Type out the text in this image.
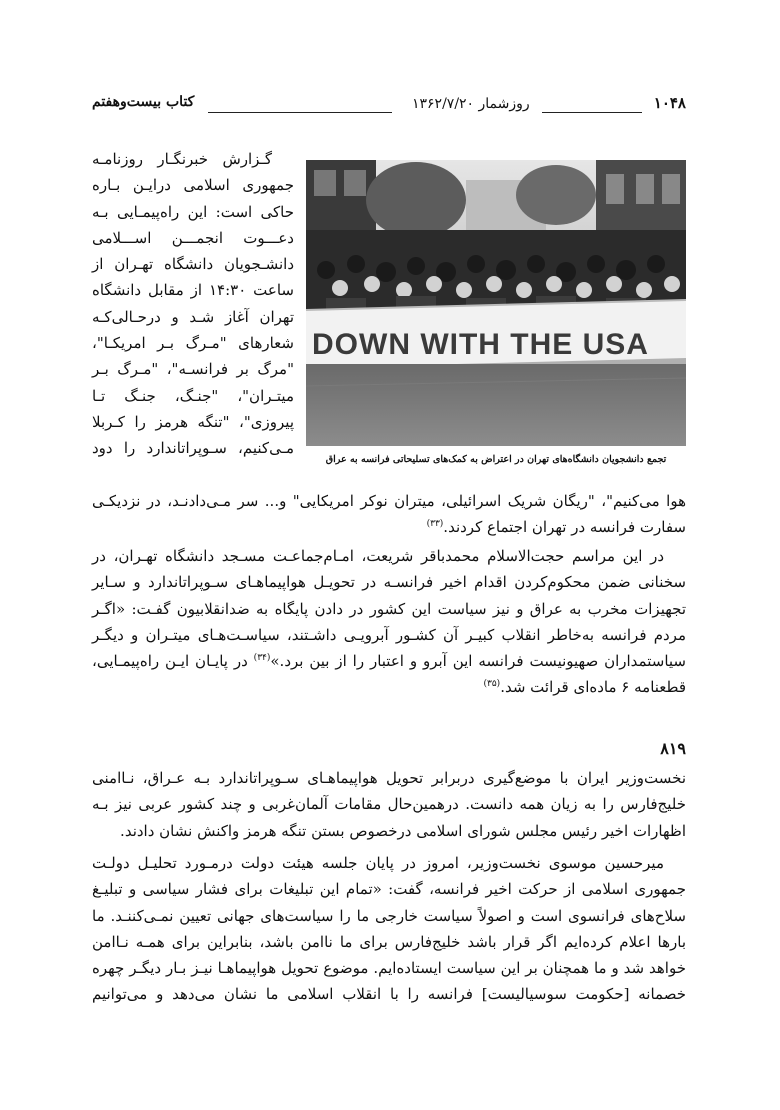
۱۰۴۸
روزشمار ۱۳۶۲/۷/۲۰
کتاب بیست‌وهفتم
DOWN WITH THE USA
تجمع دانشجویان دانشگاه‌های تهران در اعتراض به کمک‌های تسلیحاتی فرانسه به عراق

گـزارش خبرنگـار روزنامـه جمهوری اسلامی درایـن بـاره حاکی است: این راه‌پیمـایی بـه دعـــوت انجمـــن اســـلامی دانشـجویان دانشگاه تهـران از ساعت ۱۴:۳۰ از مقابل دانشگاه تهران آغاز شـد و درحـالی‌کـه شعارهای "مـرگ بـر امریکـا"، "مرگ بر فرانسـه"، "مـرگ بـر میتـران"، "جنـگ، جنـگ تـا پیروزی"، "تنگه هرمز را کـربلا مـی‌کنیم، سـوپراتاندارد را دود

هوا می‌کنیم"، "ریگان شریک اسرائیلی، میتران نوکر امریکایی" و... سر مـی‌دادنـد، در نزدیکـی سفارت فرانسه در تهران اجتماع کردند.$^{(۳۳)}$

در این مراسم حجت‌الاسلام محمدباقر شریعت، امـام‌جماعـت مسـجد دانشگاه تهـران، در سخنانی ضمن محکوم‌کردن اقدام اخیر فرانسـه در تحویـل هواپیماهـای سـوپراتاندارد و سـایر تجهیزات مخرب به عراق و نیز سیاست این کشور در دادن پایگاه به ضدانقلابیون گفـت: «اگـر مردم فرانسه به‌خاطر انقلاب کبیـر آن کشـور آبرویـی داشـتند، سیاسـت‌هـای میتـران و دیگـر سیاستمداران صهیونیست فرانسه این آبرو و اعتبار را از بین برد.»$^{(۳۴)}$ در پایـان ایـن راه‌پیمـایی، قطعنامه ۶ ماده‌ای قرائت شد.$^{(۳۵)}$

۸۱۹

نخست‌وزیر ایران با موضع‌گیری دربرابر تحویل هواپیماهـای سـوپراتاندارد بـه عـراق، نـاامنی خلیج‌فارس را به زیان همه دانست. درهمین‌حال مقامات آلمان‌غربی و چند کشور عربی نیز بـه اظهارات اخیر رئیس مجلس شورای اسلامی درخصوص بستن تنگه هرمز واکنش نشان دادند.

میرحسین موسوی نخست‌وزیر، امروز در پایان جلسه هیئت دولت درمـورد تحلیـل دولـت جمهوری اسلامی از حرکت اخیر فرانسه، گفت: «تمام این تبلیغات برای فشار سیاسی و تبلیـغ سلاح‌های فرانسوی است و اصولاً سیاست خارجی ما را سیاست‌های جهانی تعیین نمـی‌کننـد. ما بارها اعلام کرده‌ایم اگر قرار باشد خلیج‌فارس برای ما ناامن باشد، بنابراین برای همـه نـاامن خواهد شد و ما همچنان بر این سیاست ایستاده‌ایم. موضوع تحویل هواپیماهـا نیـز بـار دیگـر چهره خصمانه [حکومت سوسیالیست] فرانسه را با انقلاب اسلامی ما نشان می‌دهد و می‌توانیم
